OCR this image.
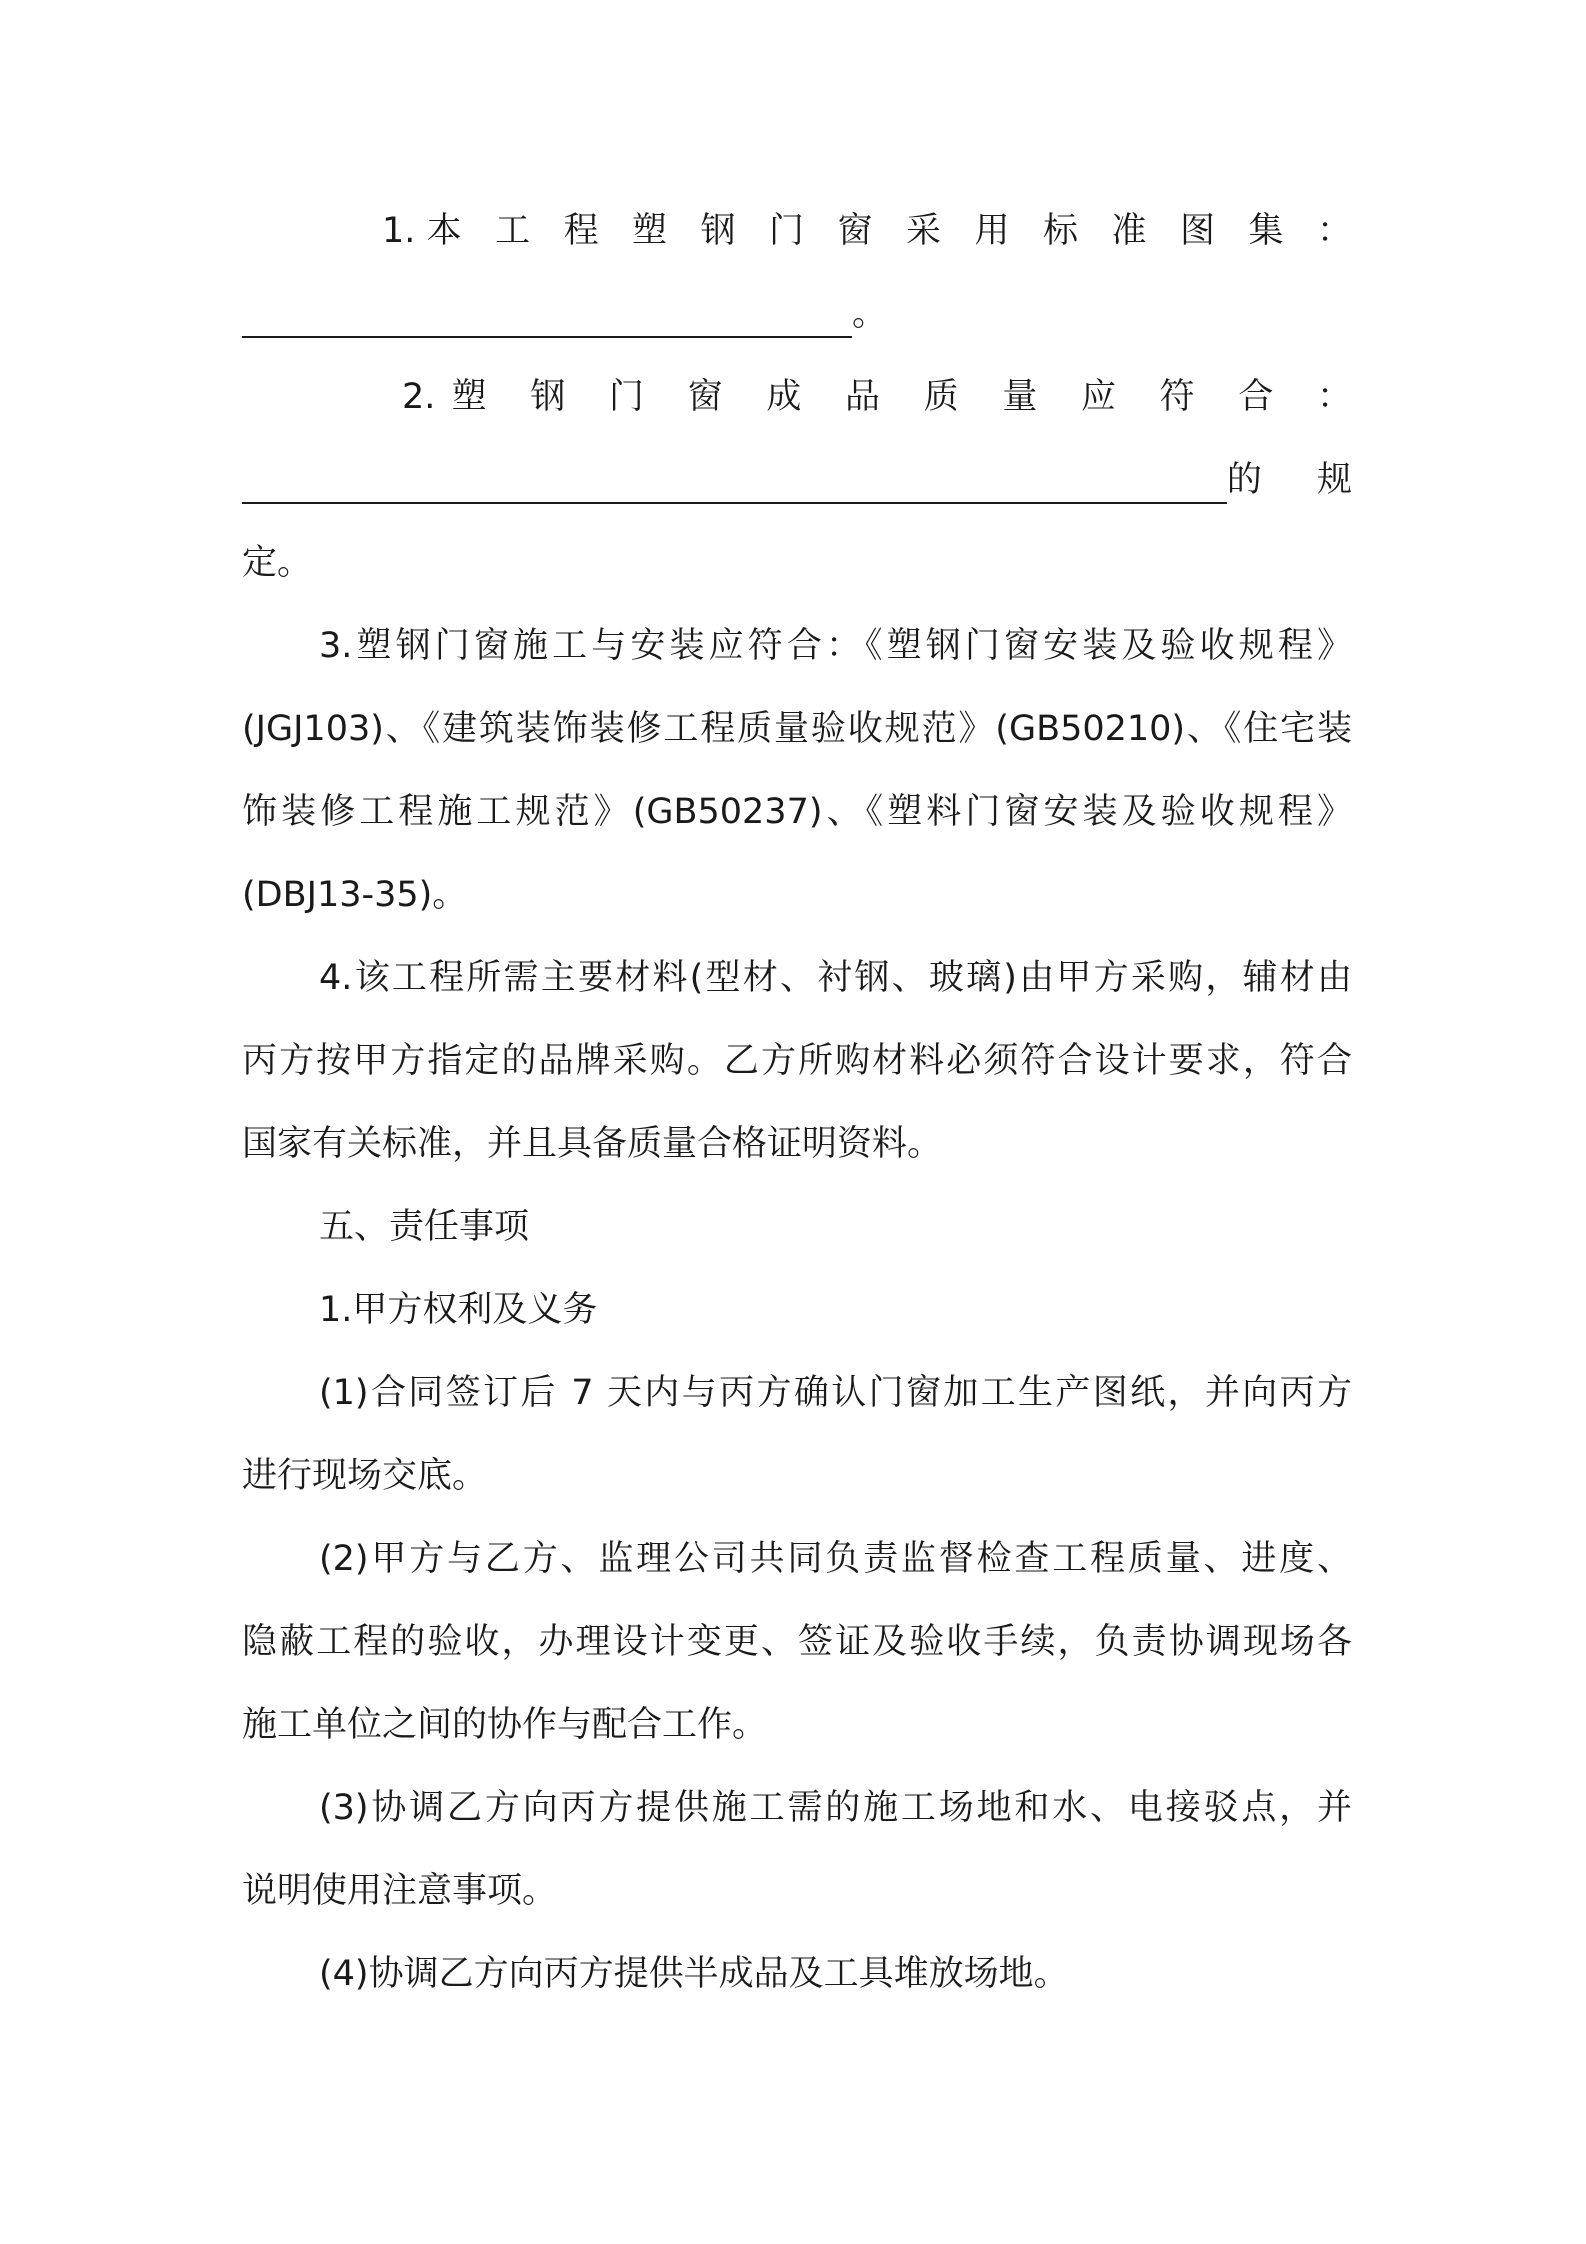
1.本 工 程 塑 钢 门 窗 采 用 标 准 图 集 ：
。
2.塑 钢 门 窗 成 品 质 量 应 符 合 ：
的 规
定。
3.塑钢门窗施工与安装应符合：《塑钢门窗安装及验收规程》
(JGJ103)、《建筑装饰装修工程质量验收规范》(GB50210)、《住宅装
饰装修工程施工规范》(GB50237)、《塑料门窗安装及验收规程》
(DBJ13-35)。
4.该工程所需主要材料(型材、衬钢、玻璃)由甲方采购，辅材由
丙方按甲方指定的品牌采购。乙方所购材料必须符合设计要求，符合
国家有关标准，并且具备质量合格证明资料。
五、责任事项
1.甲方权利及义务
(1)合同签订后 7 天内与丙方确认门窗加工生产图纸，并向丙方
进行现场交底。
(2)甲方与乙方、监理公司共同负责监督检查工程质量、进度、
隐蔽工程的验收，办理设计变更、签证及验收手续，负责协调现场各
施工单位之间的协作与配合工作。
(3)协调乙方向丙方提供施工需的施工场地和水、电接驳点，并
说明使用注意事项。
(4)协调乙方向丙方提供半成品及工具堆放场地。
